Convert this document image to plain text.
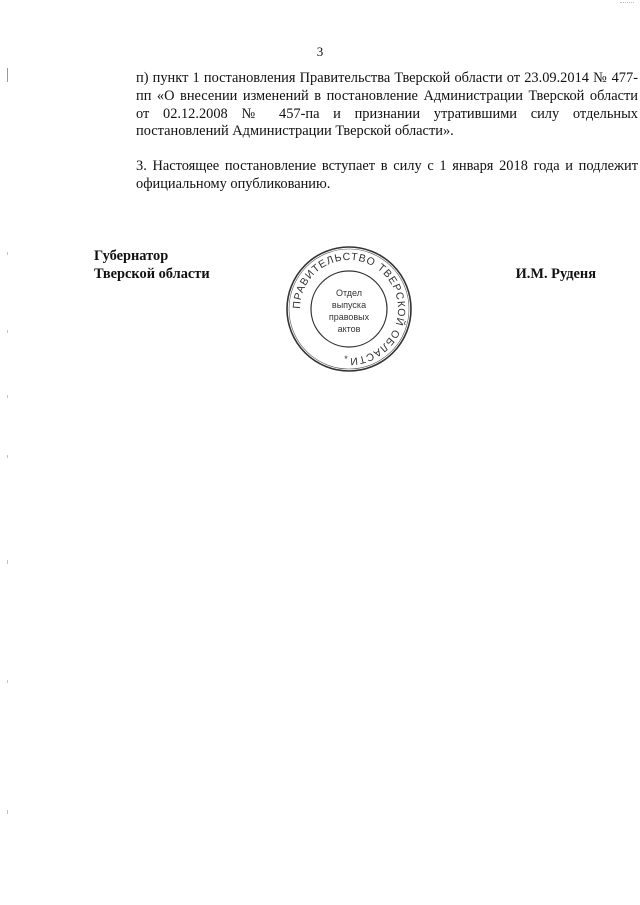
3
п) пункт 1 постановления Правительства Тверской области от 23.09.2014 № 477-пп «О внесении изменений в постановление Администрации Тверской области от 02.12.2008 № 457-па и признании утратившими силу отдельных постановлений Администрации Тверской области».
3. Настоящее постановление вступает в силу с 1 января 2018 года и подлежит официальному опубликованию.
Губернатор
Тверской области	И.М. Руденя
ПРАВИТЕЛЬСТВО ТВЕРСКОЙ ОБЛАСТИ
Отдел
выпуска
правовых
актов
*
